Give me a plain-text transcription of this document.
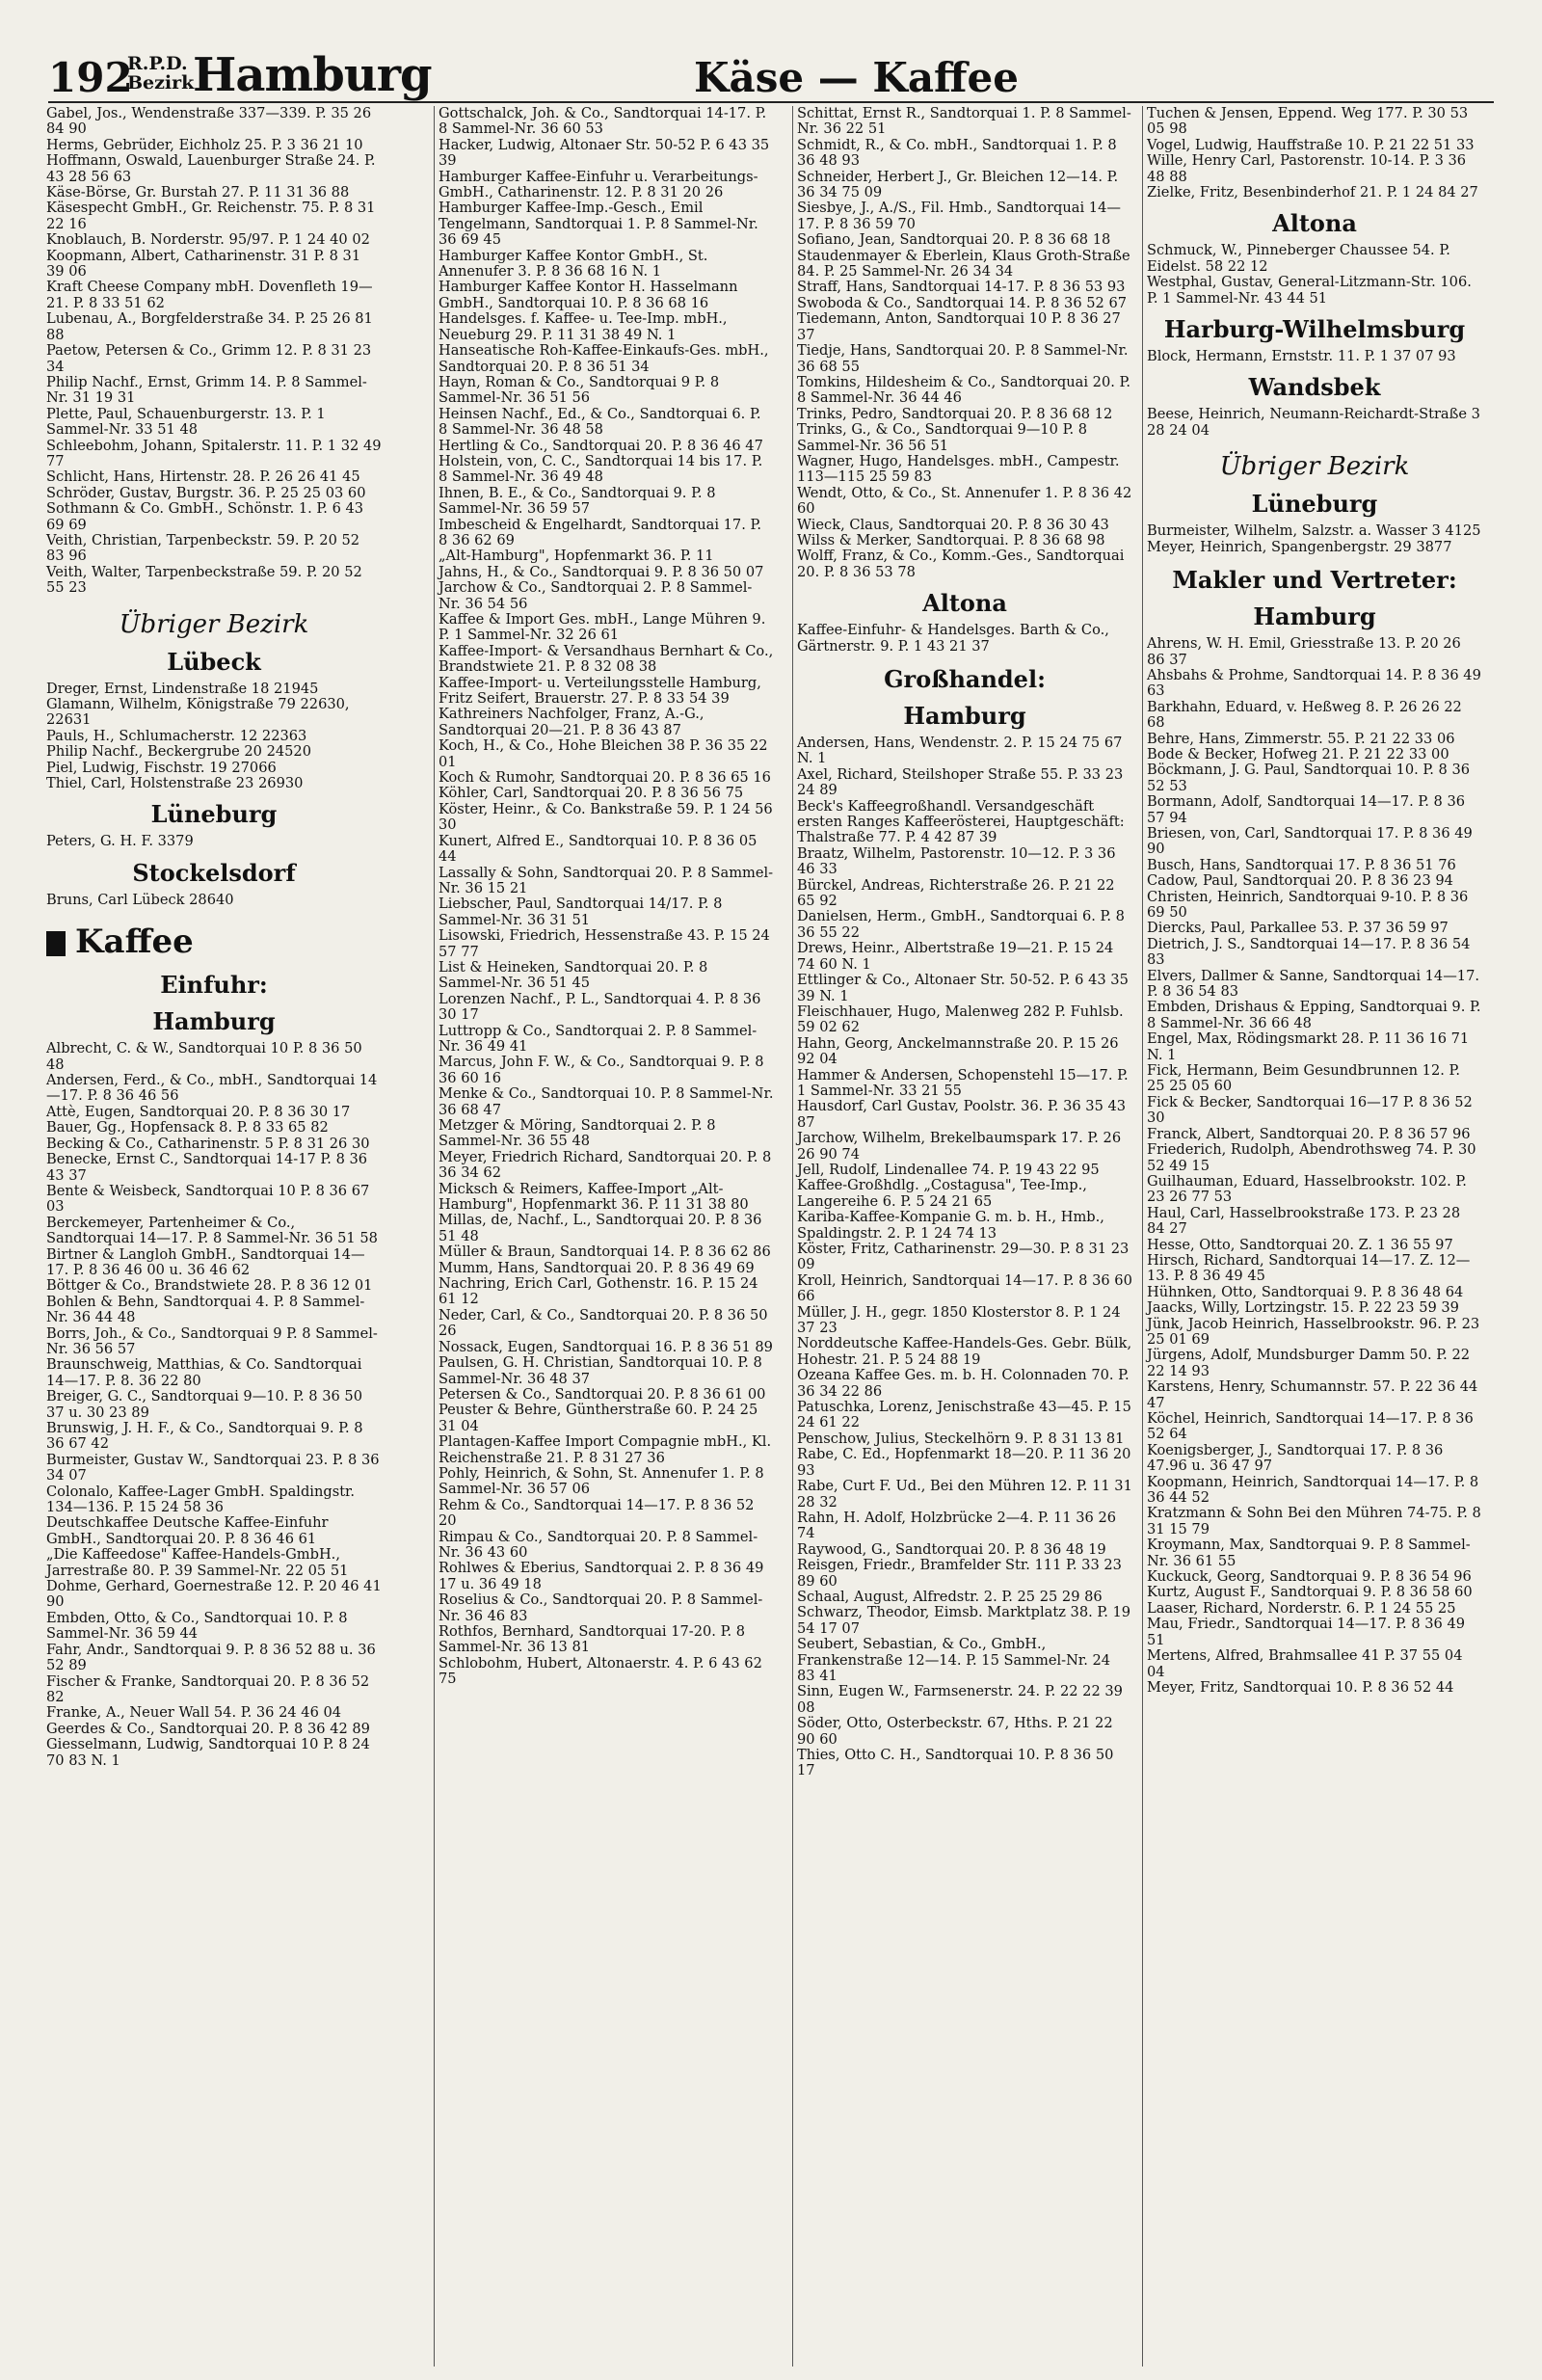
192
R.P.D.
Bezirk
Hamburg	Käse — Kaffee

Gabel, Jos., Wendenstraße 337—339. P. 35 26 84 90

Herms, Gebrüder, Eichholz 25. P. 3 36 21 10

Hoffmann, Oswald, Lauenburger Straße 24. P. 43 28 56 63

Käse-Börse, Gr. Burstah 27. P. 11 31 36 88

Käsespecht GmbH., Gr. Reichenstr. 75. P. 8 31 22 16

Knoblauch, B. Norderstr. 95/97. P. 1 24 40 02

Koopmann, Albert, Catharinenstr. 31 P. 8 31 39 06

Kraft Cheese Company mbH. Dovenfleth 19—21. P. 8 33 51 62

Lubenau, A., Borgfelderstraße 34. P. 25 26 81 88

Paetow, Petersen & Co., Grimm 12. P. 8 31 23 34

Philip Nachf., Ernst, Grimm 14. P. 8 Sammel-Nr. 31 19 31

Plette, Paul, Schauenburgerstr. 13. P. 1 Sammel-Nr. 33 51 48

Schleebohm, Johann, Spitalerstr. 11. P. 1 32 49 77

Schlicht, Hans, Hirtenstr. 28. P. 26 26 41 45

Schröder, Gustav, Burgstr. 36. P. 25 25 03 60

Sothmann & Co. GmbH., Schönstr. 1. P. 6 43 69 69

Veith, Christian, Tarpenbeckstr. 59. P. 20 52 83 96

Veith, Walter, Tarpenbeckstraße 59. P. 20 52 55 23

Übriger Bezirk
Lübeck

Dreger, Ernst, Lindenstraße 18 21945

Glamann, Wilhelm, Königstraße 79 22630, 22631

Pauls, H., Schlumacherstr. 12 22363

Philip Nachf., Beckergrube 20 24520

Piel, Ludwig, Fischstr. 19 27066

Thiel, Carl, Holstenstraße 23 26930

Lüneburg

Peters, G. H. F. 3379

Stockelsdorf

Bruns, Carl Lübeck 28640

Kaffee
Einfuhr:
Hamburg

Albrecht, C. & W., Sandtorquai 10 P. 8 36 50 48

Andersen, Ferd., & Co., mbH., Sandtorquai 14—17. P. 8 36 46 56

Attè, Eugen, Sandtorquai 20. P. 8 36 30 17

Bauer, Gg., Hopfensack 8. P. 8 33 65 82

Becking & Co., Catharinenstr. 5 P. 8 31 26 30

Benecke, Ernst C., Sandtorquai 14-17 P. 8 36 43 37

Bente & Weisbeck, Sandtorquai 10 P. 8 36 67 03

Berckemeyer, Partenheimer & Co., Sandtorquai 14—17. P. 8 Sammel-Nr. 36 51 58

Birtner & Langloh GmbH., Sandtorquai 14—17. P. 8 36 46 00 u. 36 46 62

Böttger & Co., Brandstwiete 28. P. 8 36 12 01

Bohlen & Behn, Sandtorquai 4. P. 8 Sammel-Nr. 36 44 48

Borrs, Joh., & Co., Sandtorquai 9 P. 8 Sammel-Nr. 36 56 57

Braunschweig, Matthias, & Co. Sandtorquai 14—17. P. 8. 36 22 80

Breiger, G. C., Sandtorquai 9—10. P. 8 36 50 37 u. 30 23 89

Brunswig, J. H. F., & Co., Sandtorquai 9. P. 8 36 67 42

Burmeister, Gustav W., Sandtorquai 23. P. 8 36 34 07

Colonalo, Kaffee-Lager GmbH. Spaldingstr. 134—136. P. 15 24 58 36

Deutschkaffee Deutsche Kaffee-Einfuhr GmbH., Sandtorquai 20. P. 8 36 46 61

„Die Kaffeedose" Kaffee-Handels-GmbH., Jarrestraße 80. P. 39 Sammel-Nr. 22 05 51

Dohme, Gerhard, Goernestraße 12. P. 20 46 41 90

Embden, Otto, & Co., Sandtorquai 10. P. 8 Sammel-Nr. 36 59 44

Fahr, Andr., Sandtorquai 9. P. 8 36 52 88 u. 36 52 89

Fischer & Franke, Sandtorquai 20. P. 8 36 52 82

Franke, A., Neuer Wall 54. P. 36 24 46 04

Geerdes & Co., Sandtorquai 20. P. 8 36 42 89

Giesselmann, Ludwig, Sandtorquai 10 P. 8 24 70 83 N. 1

Gottschalck, Joh. & Co., Sandtorquai 14-17. P. 8 Sammel-Nr. 36 60 53

Hacker, Ludwig, Altonaer Str. 50-52 P. 6 43 35 39

Hamburger Kaffee-Einfuhr u. Verarbeitungs-GmbH., Catharinenstr. 12. P. 8 31 20 26

Hamburger Kaffee-Imp.-Gesch., Emil Tengelmann, Sandtorquai 1. P. 8 Sammel-Nr. 36 69 45

Hamburger Kaffee Kontor GmbH., St. Annenufer 3. P. 8 36 68 16 N. 1

Hamburger Kaffee Kontor H. Hasselmann GmbH., Sandtorquai 10. P. 8 36 68 16

Handelsges. f. Kaffee- u. Tee-Imp. mbH., Neueburg 29. P. 11 31 38 49 N. 1

Hanseatische Roh-Kaffee-Einkaufs-Ges. mbH., Sandtorquai 20. P. 8 36 51 34

Hayn, Roman & Co., Sandtorquai 9 P. 8 Sammel-Nr. 36 51 56

Heinsen Nachf., Ed., & Co., Sandtorquai 6. P. 8 Sammel-Nr. 36 48 58

Hertling & Co., Sandtorquai 20. P. 8 36 46 47

Holstein, von, C. C., Sandtorquai 14 bis 17. P. 8 Sammel-Nr. 36 49 48

Ihnen, B. E., & Co., Sandtorquai 9. P. 8 Sammel-Nr. 36 59 57

Imbescheid & Engelhardt, Sandtorquai 17. P. 8 36 62 69

„Alt-Hamburg", Hopfenmarkt 36. P. 11

Jahns, H., & Co., Sandtorquai 9. P. 8 36 50 07

Jarchow & Co., Sandtorquai 2. P. 8 Sammel-Nr. 36 54 56

Kaffee & Import Ges. mbH., Lange Mühren 9. P. 1 Sammel-Nr. 32 26 61

Kaffee-Import- & Versandhaus Bernhart & Co., Brandstwiete 21. P. 8 32 08 38

Kaffee-Import- u. Verteilungsstelle Hamburg, Fritz Seifert, Brauerstr. 27. P. 8 33 54 39

Kathreiners Nachfolger, Franz, A.-G., Sandtorquai 20—21. P. 8 36 43 87

Koch, H., & Co., Hohe Bleichen 38 P. 36 35 22 01

Koch & Rumohr, Sandtorquai 20. P. 8 36 65 16

Köhler, Carl, Sandtorquai 20. P. 8 36 56 75

Köster, Heinr., & Co. Bankstraße 59. P. 1 24 56 30

Kunert, Alfred E., Sandtorquai 10. P. 8 36 05 44

Lassally & Sohn, Sandtorquai 20. P. 8 Sammel-Nr. 36 15 21

Liebscher, Paul, Sandtorquai 14/17. P. 8 Sammel-Nr. 36 31 51

Lisowski, Friedrich, Hessenstraße 43. P. 15 24 57 77

List & Heineken, Sandtorquai 20. P. 8 Sammel-Nr. 36 51 45

Lorenzen Nachf., P. L., Sandtorquai 4. P. 8 36 30 17

Luttropp & Co., Sandtorquai 2. P. 8 Sammel-Nr. 36 49 41

Marcus, John F. W., & Co., Sandtorquai 9. P. 8 36 60 16

Menke & Co., Sandtorquai 10. P. 8 Sammel-Nr. 36 68 47

Metzger & Möring, Sandtorquai 2. P. 8 Sammel-Nr. 36 55 48

Meyer, Friedrich Richard, Sandtorquai 20. P. 8 36 34 62

Micksch & Reimers, Kaffee-Import „Alt-Hamburg", Hopfenmarkt 36. P. 11 31 38 80

Millas, de, Nachf., L., Sandtorquai 20. P. 8 36 51 48

Müller & Braun, Sandtorquai 14. P. 8 36 62 86

Mumm, Hans, Sandtorquai 20. P. 8 36 49 69

Nachring, Erich Carl, Gothenstr. 16. P. 15 24 61 12

Neder, Carl, & Co., Sandtorquai 20. P. 8 36 50 26

Nossack, Eugen, Sandtorquai 16. P. 8 36 51 89

Paulsen, G. H. Christian, Sandtorquai 10. P. 8 Sammel-Nr. 36 48 37

Petersen & Co., Sandtorquai 20. P. 8 36 61 00

Peuster & Behre, Güntherstraße 60. P. 24 25 31 04

Plantagen-Kaffee Import Compagnie mbH., Kl. Reichenstraße 21. P. 8 31 27 36

Pohly, Heinrich, & Sohn, St. Annenufer 1. P. 8 Sammel-Nr. 36 57 06

Rehm & Co., Sandtorquai 14—17. P. 8 36 52 20

Rimpau & Co., Sandtorquai 20. P. 8 Sammel-Nr. 36 43 60

Rohlwes & Eberius, Sandtorquai 2. P. 8 36 49 17 u. 36 49 18

Roselius & Co., Sandtorquai 20. P. 8 Sammel-Nr. 36 46 83

Rothfos, Bernhard, Sandtorquai 17-20. P. 8 Sammel-Nr. 36 13 81

Schlobohm, Hubert, Altonaerstr. 4. P. 6 43 62 75

Schittat, Ernst R., Sandtorquai 1. P. 8 Sammel-Nr. 36 22 51

Schmidt, R., & Co. mbH., Sandtorquai 1. P. 8 36 48 93

Schneider, Herbert J., Gr. Bleichen 12—14. P. 36 34 75 09

Siesbye, J., A./S., Fil. Hmb., Sandtorquai 14—17. P. 8 36 59 70

Sofiano, Jean, Sandtorquai 20. P. 8 36 68 18

Staudenmayer & Eberlein, Klaus Groth-Straße 84. P. 25 Sammel-Nr. 26 34 34

Straff, Hans, Sandtorquai 14-17. P. 8 36 53 93

Swoboda & Co., Sandtorquai 14. P. 8 36 52 67

Tiedemann, Anton, Sandtorquai 10 P. 8 36 27 37

Tiedje, Hans, Sandtorquai 20. P. 8 Sammel-Nr. 36 68 55

Tomkins, Hildesheim & Co., Sandtorquai 20. P. 8 Sammel-Nr. 36 44 46

Trinks, Pedro, Sandtorquai 20. P. 8 36 68 12

Trinks, G., & Co., Sandtorquai 9—10 P. 8 Sammel-Nr. 36 56 51

Wagner, Hugo, Handelsges. mbH., Campestr. 113—115 25 59 83

Wendt, Otto, & Co., St. Annenufer 1. P. 8 36 42 60

Wieck, Claus, Sandtorquai 20. P. 8 36 30 43

Wilss & Merker, Sandtorquai. P. 8 36 68 98

Wolff, Franz, & Co., Komm.-Ges., Sandtorquai 20. P. 8 36 53 78

Altona

Kaffee-Einfuhr- & Handelsges. Barth & Co., Gärtnerstr. 9. P. 1 43 21 37

Großhandel:
Hamburg

Andersen, Hans, Wendenstr. 2. P. 15 24 75 67 N. 1

Axel, Richard, Steilshoper Straße 55. P. 33 23 24 89

Beck's Kaffeegroßhandl. Versandgeschäft ersten Ranges Kaffeerösterei, Hauptgeschäft: Thalstraße 77. P. 4 42 87 39

Braatz, Wilhelm, Pastorenstr. 10—12. P. 3 36 46 33

Bürckel, Andreas, Richterstraße 26. P. 21 22 65 92

Danielsen, Herm., GmbH., Sandtorquai 6. P. 8 36 55 22

Drews, Heinr., Albertstraße 19—21. P. 15 24 74 60 N. 1

Ettlinger & Co., Altonaer Str. 50-52. P. 6 43 35 39 N. 1

Fleischhauer, Hugo, Malenweg 282 P. Fuhlsb. 59 02 62

Hahn, Georg, Anckelmannstraße 20. P. 15 26 92 04

Hammer & Andersen, Schopenstehl 15—17. P. 1 Sammel-Nr. 33 21 55

Hausdorf, Carl Gustav, Poolstr. 36. P. 36 35 43 87

Jarchow, Wilhelm, Brekelbaumspark 17. P. 26 26 90 74

Jell, Rudolf, Lindenallee 74. P. 19 43 22 95

Kaffee-Großhdlg. „Costagusa", Tee-Imp., Langereihe 6. P. 5 24 21 65

Kariba-Kaffee-Kompanie G. m. b. H., Hmb., Spaldingstr. 2. P. 1 24 74 13

Köster, Fritz, Catharinenstr. 29—30. P. 8 31 23 09

Kroll, Heinrich, Sandtorquai 14—17. P. 8 36 60 66

Müller, J. H., gegr. 1850 Klosterstor 8. P. 1 24 37 23

Norddeutsche Kaffee-Handels-Ges. Gebr. Bülk, Hohestr. 21. P. 5 24 88 19

Ozeana Kaffee Ges. m. b. H. Colonnaden 70. P. 36 34 22 86

Patuschka, Lorenz, Jenischstraße 43—45. P. 15 24 61 22

Penschow, Julius, Steckelhörn 9. P. 8 31 13 81

Rabe, C. Ed., Hopfenmarkt 18—20. P. 11 36 20 93

Rabe, Curt F. Ud., Bei den Mühren 12. P. 11 31 28 32

Rahn, H. Adolf, Holzbrücke 2—4. P. 11 36 26 74

Raywood, G., Sandtorquai 20. P. 8 36 48 19

Reisgen, Friedr., Bramfelder Str. 111 P. 33 23 89 60

Schaal, August, Alfredstr. 2. P. 25 25 29 86

Schwarz, Theodor, Eimsb. Marktplatz 38. P. 19 54 17 07

Seubert, Sebastian, & Co., GmbH., Frankenstraße 12—14. P. 15 Sammel-Nr. 24 83 41

Sinn, Eugen W., Farmsenerstr. 24. P. 22 22 39 08

Söder, Otto, Osterbeckstr. 67, Hths. P. 21 22 90 60

Thies, Otto C. H., Sandtorquai 10. P. 8 36 50 17

Tuchen & Jensen, Eppend. Weg 177. P. 30 53 05 98

Vogel, Ludwig, Hauffstraße 10. P. 21 22 51 33

Wille, Henry Carl, Pastorenstr. 10-14. P. 3 36 48 88

Zielke, Fritz, Besenbinderhof 21. P. 1 24 84 27

Altona

Schmuck, W., Pinneberger Chaussee 54. P. Eidelst. 58 22 12

Westphal, Gustav, General-Litzmann-Str. 106. P. 1 Sammel-Nr. 43 44 51

Harburg-Wilhelmsburg

Block, Hermann, Ernststr. 11. P. 1 37 07 93

Wandsbek

Beese, Heinrich, Neumann-Reichardt-Straße 3 28 24 04

Übriger Bezirk
Lüneburg

Burmeister, Wilhelm, Salzstr. a. Wasser 3 4125

Meyer, Heinrich, Spangenbergstr. 29 3877

Makler und Vertreter:
Hamburg

Ahrens, W. H. Emil, Griesstraße 13. P. 20 26 86 37

Ahsbahs & Prohme, Sandtorquai 14. P. 8 36 49 63

Barkhahn, Eduard, v. Heßweg 8. P. 26 26 22 68

Behre, Hans, Zimmerstr. 55. P. 21 22 33 06

Bode & Becker, Hofweg 21. P. 21 22 33 00

Böckmann, J. G. Paul, Sandtorquai 10. P. 8 36 52 53

Bormann, Adolf, Sandtorquai 14—17. P. 8 36 57 94

Briesen, von, Carl, Sandtorquai 17. P. 8 36 49 90

Busch, Hans, Sandtorquai 17. P. 8 36 51 76

Cadow, Paul, Sandtorquai 20. P. 8 36 23 94

Christen, Heinrich, Sandtorquai 9-10. P. 8 36 69 50

Diercks, Paul, Parkallee 53. P. 37 36 59 97

Dietrich, J. S., Sandtorquai 14—17. P. 8 36 54 83

Elvers, Dallmer & Sanne, Sandtorquai 14—17. P. 8 36 54 83

Embden, Drishaus & Epping, Sandtorquai 9. P. 8 Sammel-Nr. 36 66 48

Engel, Max, Rödingsmarkt 28. P. 11 36 16 71 N. 1

Fick, Hermann, Beim Gesundbrunnen 12. P. 25 25 05 60

Fick & Becker, Sandtorquai 16—17 P. 8 36 52 30

Franck, Albert, Sandtorquai 20. P. 8 36 57 96

Friederich, Rudolph, Abendrothsweg 74. P. 30 52 49 15

Guilhauman, Eduard, Hasselbrookstr. 102. P. 23 26 77 53

Haul, Carl, Hasselbrookstraße 173. P. 23 28 84 27

Hesse, Otto, Sandtorquai 20. Z. 1 36 55 97

Hirsch, Richard, Sandtorquai 14—17. Z. 12—13. P. 8 36 49 45

Hühnken, Otto, Sandtorquai 9. P. 8 36 48 64

Jaacks, Willy, Lortzingstr. 15. P. 22 23 59 39

Jünk, Jacob Heinrich, Hasselbrookstr. 96. P. 23 25 01 69

Jürgens, Adolf, Mundsburger Damm 50. P. 22 22 14 93

Karstens, Henry, Schumannstr. 57. P. 22 36 44 47

Köchel, Heinrich, Sandtorquai 14—17. P. 8 36 52 64

Koenigsberger, J., Sandtorquai 17. P. 8 36 47.96 u. 36 47 97

Koopmann, Heinrich, Sandtorquai 14—17. P. 8 36 44 52

Kratzmann & Sohn Bei den Mühren 74-75. P. 8 31 15 79

Kroymann, Max, Sandtorquai 9. P. 8 Sammel-Nr. 36 61 55

Kuckuck, Georg, Sandtorquai 9. P. 8 36 54 96

Kurtz, August F., Sandtorquai 9. P. 8 36 58 60

Laaser, Richard, Norderstr. 6. P. 1 24 55 25

Mau, Friedr., Sandtorquai 14—17. P. 8 36 49 51

Mertens, Alfred, Brahmsallee 41 P. 37 55 04 04

Meyer, Fritz, Sandtorquai 10. P. 8 36 52 44
